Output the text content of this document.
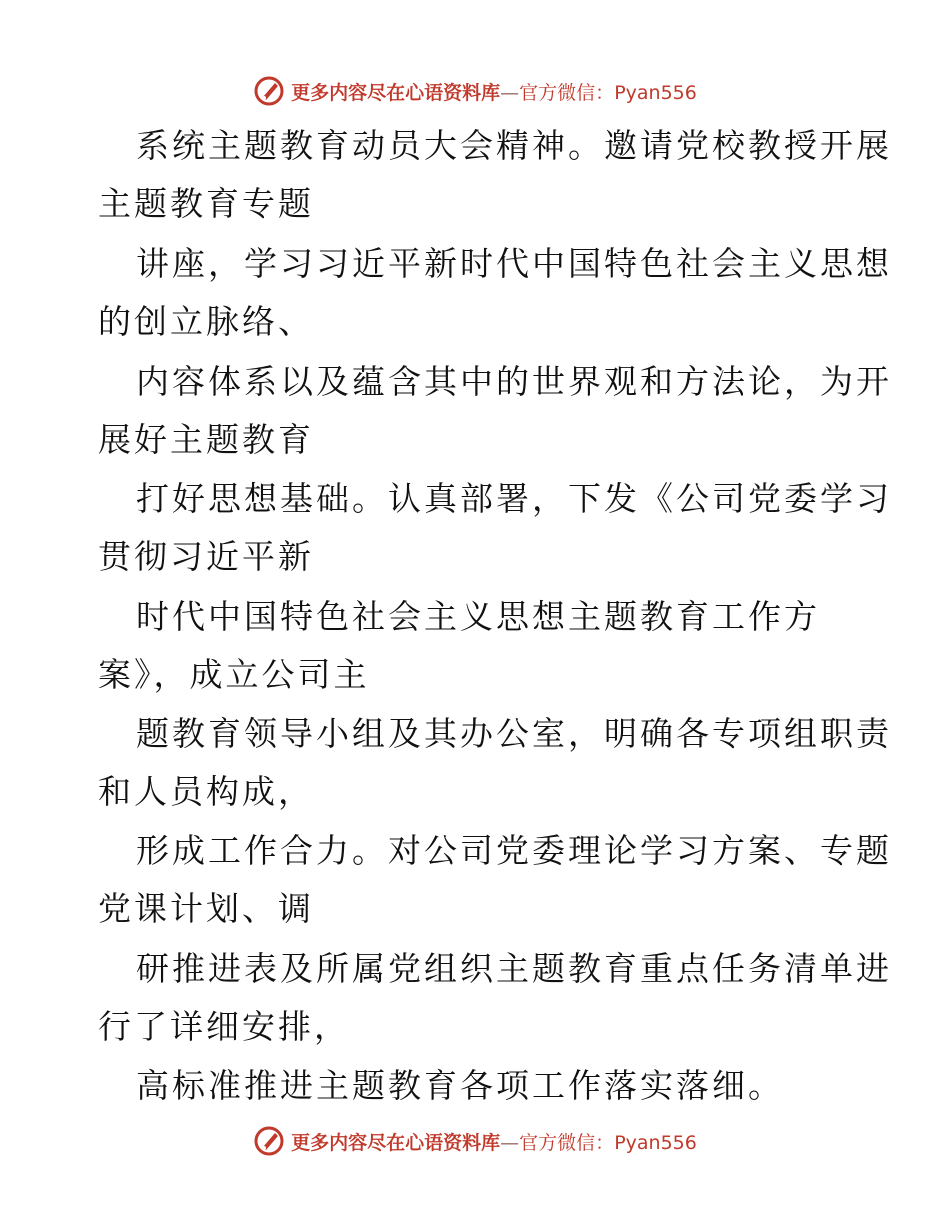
更多内容尽在心语资料库—官方微信：Pyan556
系统主题教育动员大会精神。邀请党校教授开展
主题教育专题
讲座，学习习近平新时代中国特色社会主义思想
的创立脉络、
内容体系以及蕴含其中的世界观和方法论，为开
展好主题教育
打好思想基础。认真部署，下发《公司党委学习
贯彻习近平新
时代中国特色社会主义思想主题教育工作方
案》，成立公司主
题教育领导小组及其办公室，明确各专项组职责
和人员构成，
形成工作合力。对公司党委理论学习方案、专题
党课计划、调
研推进表及所属党组织主题教育重点任务清单进
行了详细安排，
高标准推进主题教育各项工作落实落细。
更多内容尽在心语资料库—官方微信：Pyan556
